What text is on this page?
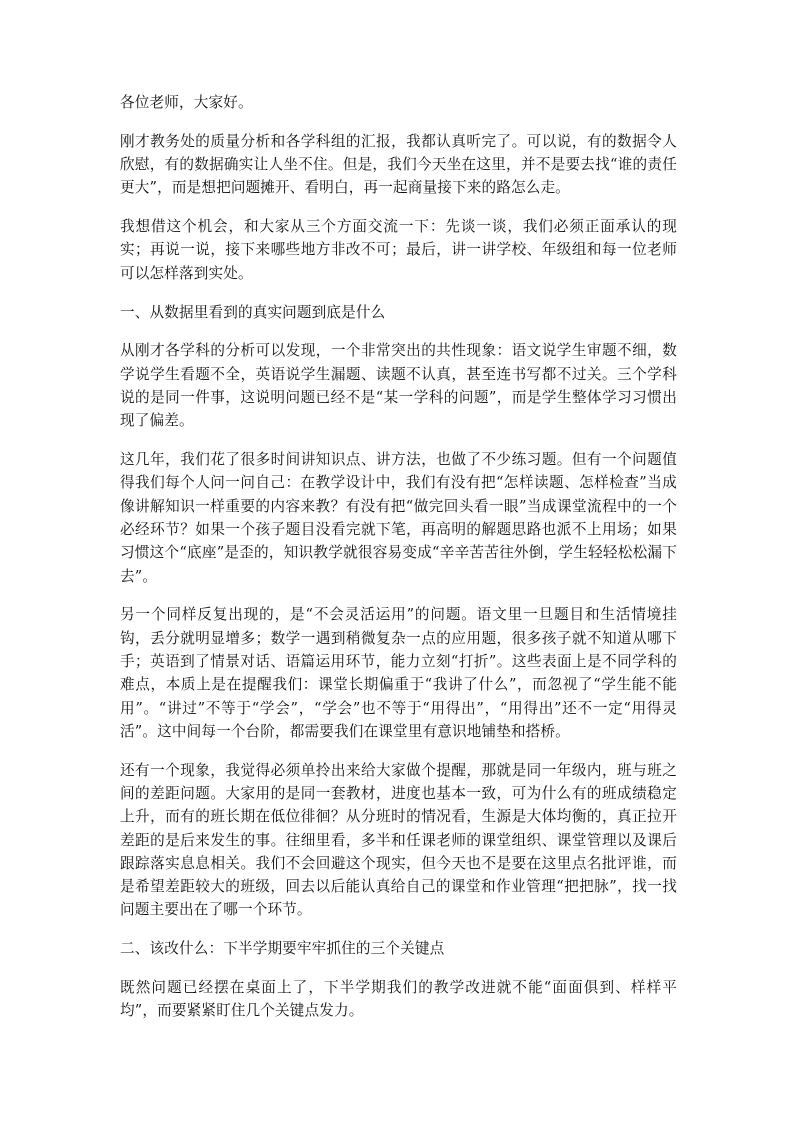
各位老师，大家好。

刚才教务处的质量分析和各学科组的汇报，我都认真听完了。可以说，有的数据令人欣慰，有的数据确实让人坐不住。但是，我们今天坐在这里，并不是要去找“谁的责任更大”，而是想把问题摊开、看明白，再一起商量接下来的路怎么走。

我想借这个机会，和大家从三个方面交流一下：先谈一谈，我们必须正面承认的现实；再说一说，接下来哪些地方非改不可；最后，讲一讲学校、年级组和每一位老师可以怎样落到实处。

一、从数据里看到的真实问题到底是什么

从刚才各学科的分析可以发现，一个非常突出的共性现象：语文说学生审题不细，数学说学生看题不全，英语说学生漏题、读题不认真，甚至连书写都不过关。三个学科说的是同一件事，这说明问题已经不是“某一学科的问题”，而是学生整体学习习惯出现了偏差。

这几年，我们花了很多时间讲知识点、讲方法，也做了不少练习题。但有一个问题值得我们每个人问一问自己：在教学设计中，我们有没有把“怎样读题、怎样检查”当成像讲解知识一样重要的内容来教？有没有把“做完回头看一眼”当成课堂流程中的一个必经环节？如果一个孩子题目没看完就下笔，再高明的解题思路也派不上用场；如果习惯这个“底座”是歪的，知识教学就很容易变成“辛辛苦苦往外倒，学生轻轻松松漏下去”。

另一个同样反复出现的，是“不会灵活运用”的问题。语文里一旦题目和生活情境挂钩，丢分就明显增多；数学一遇到稍微复杂一点的应用题，很多孩子就不知道从哪下手；英语到了情景对话、语篇运用环节，能力立刻“打折”。这些表面上是不同学科的难点，本质上是在提醒我们：课堂长期偏重于“我讲了什么”，而忽视了“学生能不能用”。“讲过”不等于“学会”，“学会”也不等于“用得出”，“用得出”还不一定“用得灵活”。这中间每一个台阶，都需要我们在课堂里有意识地铺垫和搭桥。

还有一个现象，我觉得必须单拎出来给大家做个提醒，那就是同一年级内，班与班之间的差距问题。大家用的是同一套教材，进度也基本一致，可为什么有的班成绩稳定上升，而有的班长期在低位徘徊？从分班时的情况看，生源是大体均衡的，真正拉开差距的是后来发生的事。往细里看，多半和任课老师的课堂组织、课堂管理以及课后跟踪落实息息相关。我们不会回避这个现实，但今天也不是要在这里点名批评谁，而是希望差距较大的班级，回去以后能认真给自己的课堂和作业管理“把把脉”，找一找问题主要出在了哪一个环节。

二、该改什么：下半学期要牢牢抓住的三个关键点

既然问题已经摆在桌面上了，下半学期我们的教学改进就不能“面面俱到、样样平均”，而要紧紧盯住几个关键点发力。
